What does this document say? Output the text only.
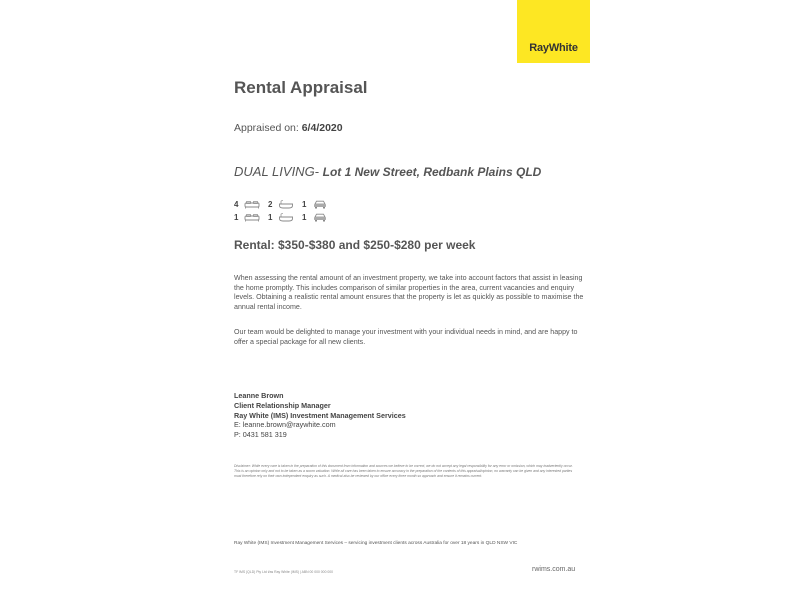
RayWhite
Rental Appraisal
Appraised on: 6/4/2020
DUAL LIVING- Lot 1 New Street, Redbank Plains QLD
4	2	1
1	1	1
Rental: $350-$380 and $250-$280 per week

When assessing the rental amount of an investment property, we take into account factors that assist in leasing the home promptly. This includes comparison of similar properties in the area, current vacancies and enquiry levels. Obtaining a realistic rental amount ensures that the property is let as quickly as possible to maximise the annual rental income.

Our team would be delighted to manage your investment with your individual needs in mind, and are happy to offer a special package for all new clients.

Leanne Brown
Client Relationship Manager
Ray White (IMS) Investment Management Services
E: leanne.brown@raywhite.com
P: 0431 581 319

Disclaimer: While every care is taken in the preparation of this document from information and sources we believe to be correct, we do not accept any legal responsibility for any error or omission, which may inadvertently occur. This is an opinion only and not to be taken as a sworn valuation. While all care has been taken to ensure accuracy in the preparation of the contents of this appraisal/opinion, no warranty can be given and any interested parties must therefore rely on their own independent enquiry as such. A medical also be reviewed by our office every three month so approach and ensure it remains current.

Ray White (IMS) Investment Management Services – servicing investment clients across Australia for over 18 years in QLD NSW VIC

TF IMS (QLD) Pty Ltd t/as Ray White (IMS) | ABN 00 000 000 000	rwims.com.au
